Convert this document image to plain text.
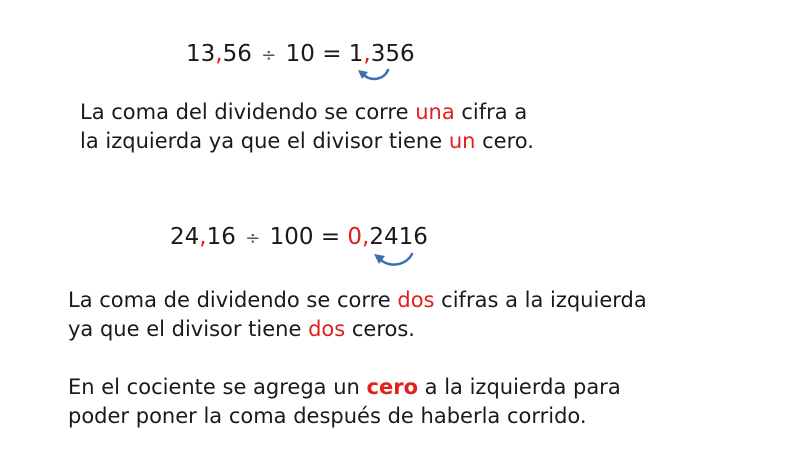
13,56 ÷ 10 = 1,356
La coma del dividendo se corre una cifra a
la izquierda ya que el divisor tiene un cero.
24,16 ÷ 100 = 0,2416
La coma de dividendo se corre dos cifras a la izquierda
ya que el divisor tiene dos ceros.
En el cociente se agrega un cero a la izquierda para
poder poner la coma después de haberla corrido.
